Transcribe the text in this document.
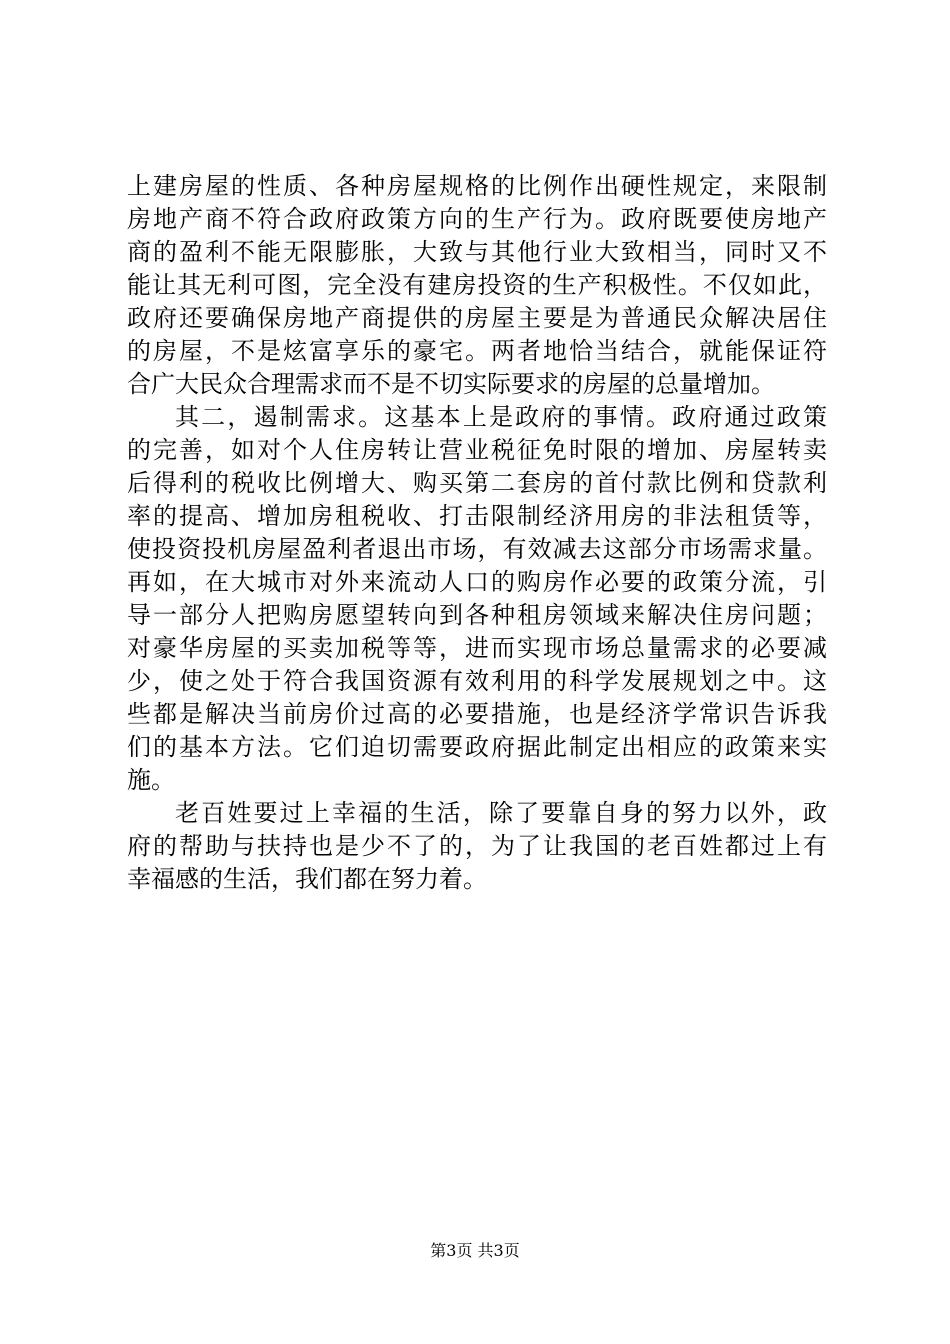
上建房屋的性质、各种房屋规格的比例作出硬性规定，来限制
房地产商不符合政府政策方向的生产行为。政府既要使房地产
商的盈利不能无限膨胀，大致与其他行业大致相当，同时又不
能让其无利可图，完全没有建房投资的生产积极性。不仅如此，
政府还要确保房地产商提供的房屋主要是为普通民众解决居住
的房屋，不是炫富享乐的豪宅。两者地恰当结合，就能保证符
合广大民众合理需求而不是不切实际要求的房屋的总量增加。
其二，遏制需求。这基本上是政府的事情。政府通过政策
的完善，如对个人住房转让营业税征免时限的增加、房屋转卖
后得利的税收比例增大、购买第二套房的首付款比例和贷款利
率的提高、增加房租税收、打击限制经济用房的非法租赁等，
使投资投机房屋盈利者退出市场，有效减去这部分市场需求量。
再如，在大城市对外来流动人口的购房作必要的政策分流，引
导一部分人把购房愿望转向到各种租房领域来解决住房问题；
对豪华房屋的买卖加税等等，进而实现市场总量需求的必要减
少，使之处于符合我国资源有效利用的科学发展规划之中。这
些都是解决当前房价过高的必要措施，也是经济学常识告诉我
们的基本方法。它们迫切需要政府据此制定出相应的政策来实
施。
老百姓要过上幸福的生活，除了要靠自身的努力以外，政
府的帮助与扶持也是少不了的，为了让我国的老百姓都过上有
幸福感的生活，我们都在努力着。
第3页 共3页
